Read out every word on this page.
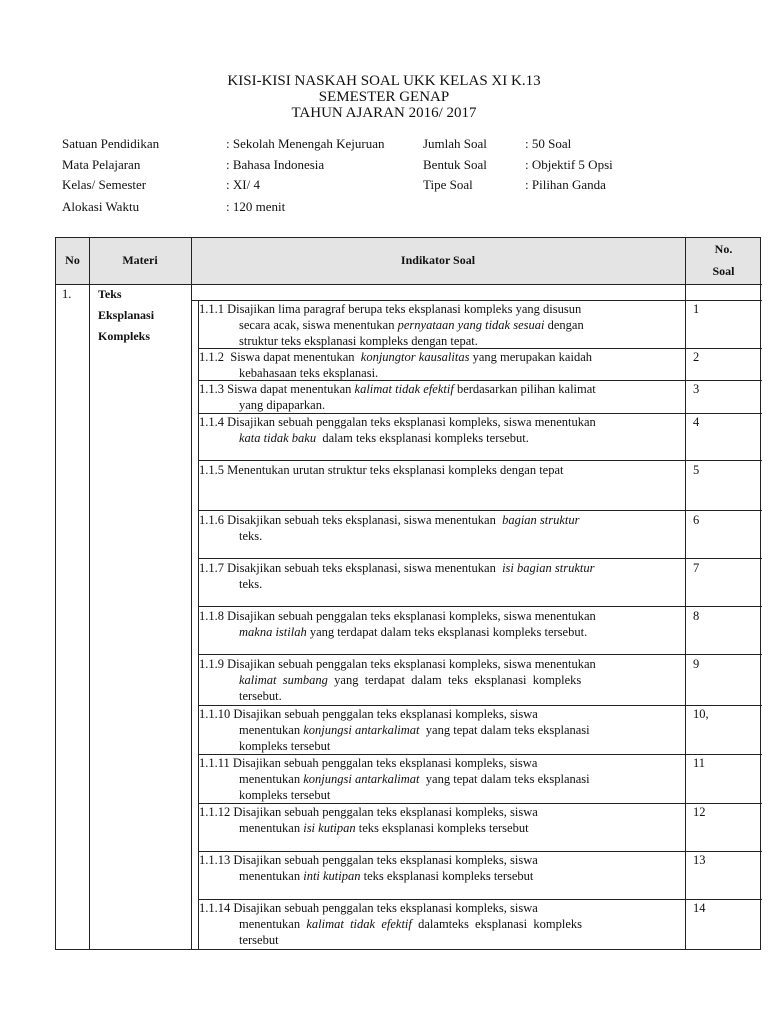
KISI-KISI NASKAH SOAL UKK KELAS XI K.13
SEMESTER GENAP
TAHUN AJARAN 2016/ 2017
Satuan Pendidikan	: Sekolah Menengah Kejuruan
Mata Pelajaran	: Bahasa Indonesia
Kelas/ Semester	: XI/ 4
Alokasi Waktu	: 120 menit
Jumlah Soal	: 50 Soal
Bentuk Soal	: Objektif 5 Opsi
Tipe Soal	: Pilihan Ganda
No	Materi	Indikator Soal
No.
Soal
1. Teks
Eksplanasi
Kompleks
1.1.1 Disajikan lima paragraf berupa teks eksplanasi kompleks yang disusun
secara acak, siswa menentukan pernyataan yang tidak sesuai dengan
struktur teks eksplanasi kompleks dengan tepat.
1
1.1.2  Siswa dapat menentukan  konjungtor kausalitas yang merupakan kaidah
kebahasaan teks eksplanasi.
2
1.1.3 Siswa dapat menentukan kalimat tidak efektif berdasarkan pilihan kalimat
yang dipaparkan.
3
1.1.4 Disajikan sebuah penggalan teks eksplanasi kompleks, siswa menentukan
kata tidak baku  dalam teks eksplanasi kompleks tersebut.
4
1.1.5 Menentukan urutan struktur teks eksplanasi kompleks dengan tepat	5
1.1.6 Disakjikan sebuah teks eksplanasi, siswa menentukan  bagian struktur
teks.
6
1.1.7 Disakjikan sebuah teks eksplanasi, siswa menentukan  isi bagian struktur
teks.
7
1.1.8 Disajikan sebuah penggalan teks eksplanasi kompleks, siswa menentukan
makna istilah yang terdapat dalam teks eksplanasi kompleks tersebut.
8
1.1.9 Disajikan sebuah penggalan teks eksplanasi kompleks, siswa menentukan
kalimat  sumbang  yang  terdapat  dalam  teks  eksplanasi  kompleks
tersebut.
9
1.1.10 Disajikan sebuah penggalan teks eksplanasi kompleks, siswa
menentukan konjungsi antarkalimat  yang tepat dalam teks eksplanasi
kompleks tersebut
10,
1.1.11 Disajikan sebuah penggalan teks eksplanasi kompleks, siswa
menentukan konjungsi antarkalimat  yang tepat dalam teks eksplanasi
kompleks tersebut
11
1.1.12 Disajikan sebuah penggalan teks eksplanasi kompleks, siswa
menentukan isi kutipan teks eksplanasi kompleks tersebut
12
1.1.13 Disajikan sebuah penggalan teks eksplanasi kompleks, siswa
menentukan inti kutipan teks eksplanasi kompleks tersebut
13
1.1.14 Disajikan sebuah penggalan teks eksplanasi kompleks, siswa
menentukan  kalimat  tidak  efektif  dalamteks  eksplanasi  kompleks
tersebut
14
